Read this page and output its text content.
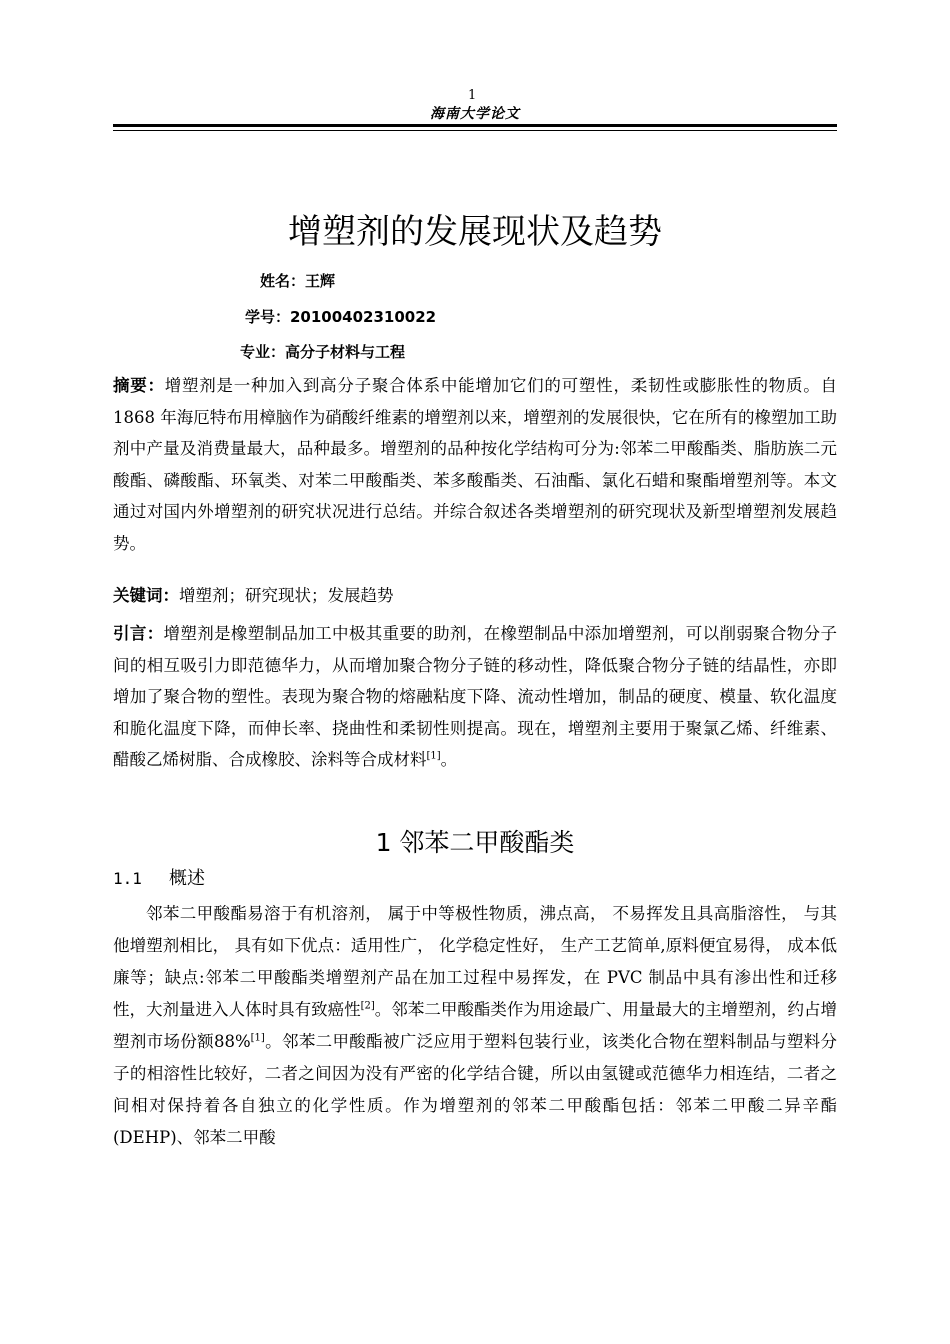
1
海南大学论文
增塑剂的发展现状及趋势
姓名：王辉
学号：20100402310022
专业：高分子材料与工程
摘要：增塑剂是一种加入到高分子聚合体系中能增加它们的可塑性，柔韧性或膨胀性的物质。自1868 年海厄特布用樟脑作为硝酸纤维素的增塑剂以来，增塑剂的发展很快，它在所有的橡塑加工助剂中产量及消费量最大，品种最多。增塑剂的品种按化学结构可分为:邻苯二甲酸酯类、脂肪族二元酸酯、磷酸酯、环氧类、对苯二甲酸酯类、苯多酸酯类、石油酯、氯化石蜡和聚酯增塑剂等。本文通过对国内外增塑剂的研究状况进行总结。并综合叙述各类增塑剂的研究现状及新型增塑剂发展趋势。
关键词：增塑剂；研究现状；发展趋势
引言：增塑剂是橡塑制品加工中极其重要的助剂，在橡塑制品中添加增塑剂，可以削弱聚合物分子间的相互吸引力即范德华力，从而增加聚合物分子链的移动性，降低聚合物分子链的结晶性，亦即增加了聚合物的塑性。表现为聚合物的熔融粘度下降、流动性增加，制品的硬度、模量、软化温度和脆化温度下降，而伸长率、挠曲性和柔韧性则提高。现在，增塑剂主要用于聚氯乙烯、纤维素、醋酸乙烯树脂、合成橡胶、涂料等合成材料[1]。
1 邻苯二甲酸酯类
1.1 概述
邻苯二甲酸酯易溶于有机溶剂， 属于中等极性物质，沸点高， 不易挥发且具高脂溶性， 与其他增塑剂相比， 具有如下优点：适用性广， 化学稳定性好， 生产工艺简单,原料便宜易得， 成本低廉等；缺点:邻苯二甲酸酯类增塑剂产品在加工过程中易挥发，在 PVC 制品中具有渗出性和迁移性，大剂量进入人体时具有致癌性[2]。邻苯二甲酸酯类作为用途最广、用量最大的主增塑剂，约占增塑剂市场份额88%[1]。邻苯二甲酸酯被广泛应用于塑料包装行业，该类化合物在塑料制品与塑料分子的相溶性比较好，二者之间因为没有严密的化学结合键，所以由氢键或范德华力相连结，二者之间相对保持着各自独立的化学性质。作为增塑剂的邻苯二甲酸酯包括：邻苯二甲酸二异辛酯(DEHP)、邻苯二甲酸
